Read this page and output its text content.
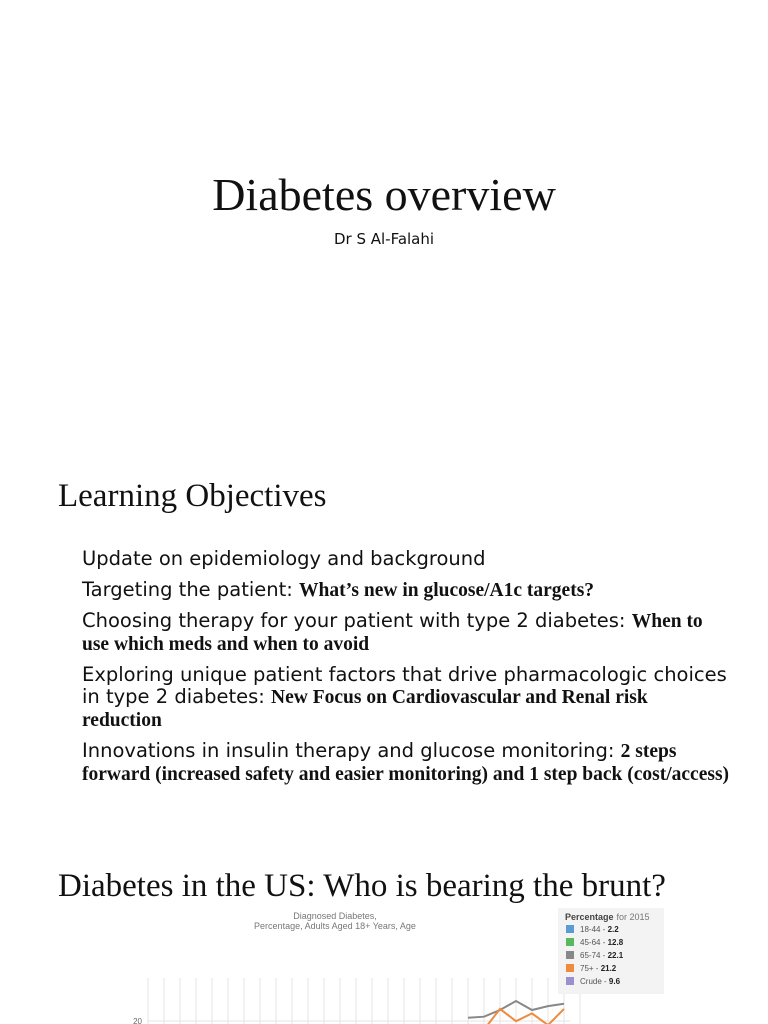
Diabetes overview
Dr S Al-Falahi
Learning Objectives
Update on epidemiology and background
Targeting the patient: What’s new in glucose/A1c targets?
Choosing therapy for your patient with type 2 diabetes: When to use which meds and when to avoid
Exploring unique patient factors that drive pharmacologic choices in type 2 diabetes: New Focus on Cardiovascular and Renal risk reduction
Innovations in insulin therapy and glucose monitoring: 2 steps forward (increased safety and easier monitoring) and 1 step back (cost/access)
Diabetes in the US: Who is bearing the brunt?
Diagnosed Diabetes,
Percentage, Adults Aged 18+ Years, Age
20
Percentage for 2015
18-44 - 2.2
45-64 - 12.8
65-74 - 22.1
75+ - 21.2
Crude - 9.6
